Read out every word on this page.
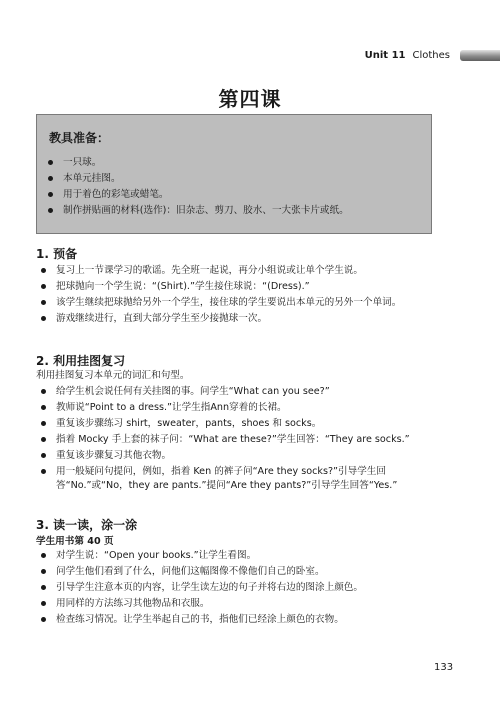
Unit 11 Clothes
第四课
教具准备：
一只球。
本单元挂图。
用于着色的彩笔或蜡笔。
制作拼贴画的材料(选作)：旧杂志、剪刀、胶水、一大张卡片或纸。
1. 预备
复习上一节课学习的歌谣。先全班一起说，再分小组说或让单个学生说。
把球抛向一个学生说：“(Shirt).”学生接住球说：“(Dress).”
该学生继续把球抛给另外一个学生，接住球的学生要说出本单元的另外一个单词。
游戏继续进行，直到大部分学生至少接抛球一次。
2. 利用挂图复习
利用挂图复习本单元的词汇和句型。
给学生机会说任何有关挂图的事。问学生“What can you see?”
教师说“Point to a dress.”让学生指Ann穿着的长裙。
重复该步骤练习 shirt，sweater，pants，shoes 和 socks。
指着 Mocky 手上套的袜子问：“What are these?”学生回答：“They are socks.”
重复该步骤复习其他衣物。
用一般疑问句提问，例如，指着 Ken 的裤子问“Are they socks?”引导学生回答“No.”或“No，they are pants.”提问“Are they pants?”引导学生回答“Yes.”
3. 读一读，涂一涂
学生用书第 40 页
对学生说：“Open your books.”让学生看图。
问学生他们看到了什么，问他们这幅图像不像他们自己的卧室。
引导学生注意本页的内容，让学生读左边的句子并将右边的图涂上颜色。
用同样的方法练习其他物品和衣服。
检查练习情况。让学生举起自己的书，指他们已经涂上颜色的衣物。
133
